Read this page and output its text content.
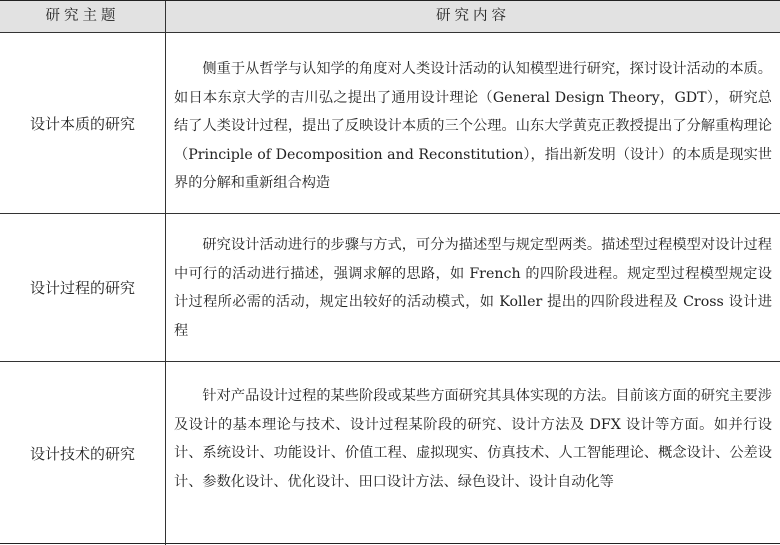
研究主题	研究内容
设计本质的研究
侧重于从哲学与认知学的角度对人类设计活动的认知模型进行研究，探讨设计活动的本质。如日本东京大学的吉川弘之提出了通用设计理论（General Design Theory，GDT），研究总结了人类设计过程，提出了反映设计本质的三个公理。山东大学黄克正教授提出了分解重构理论（Principle of Decomposition and Reconstitution），指出新发明（设计）的本质是现实世界的分解和重新组合构造
设计过程的研究
研究设计活动进行的步骤与方式，可分为描述型与规定型两类。描述型过程模型对设计过程中可行的活动进行描述，强调求解的思路，如 French 的四阶段进程。规定型过程模型规定设计过程所必需的活动，规定出较好的活动模式，如 Koller 提出的四阶段进程及 Cross 设计进程
设计技术的研究
针对产品设计过程的某些阶段或某些方面研究其具体实现的方法。目前该方面的研究主要涉及设计的基本理论与技术、设计过程某阶段的研究、设计方法及 DFX 设计等方面。如并行设计、系统设计、功能设计、价值工程、虚拟现实、仿真技术、人工智能理论、概念设计、公差设计、参数化设计、优化设计、田口设计方法、绿色设计、设计自动化等
